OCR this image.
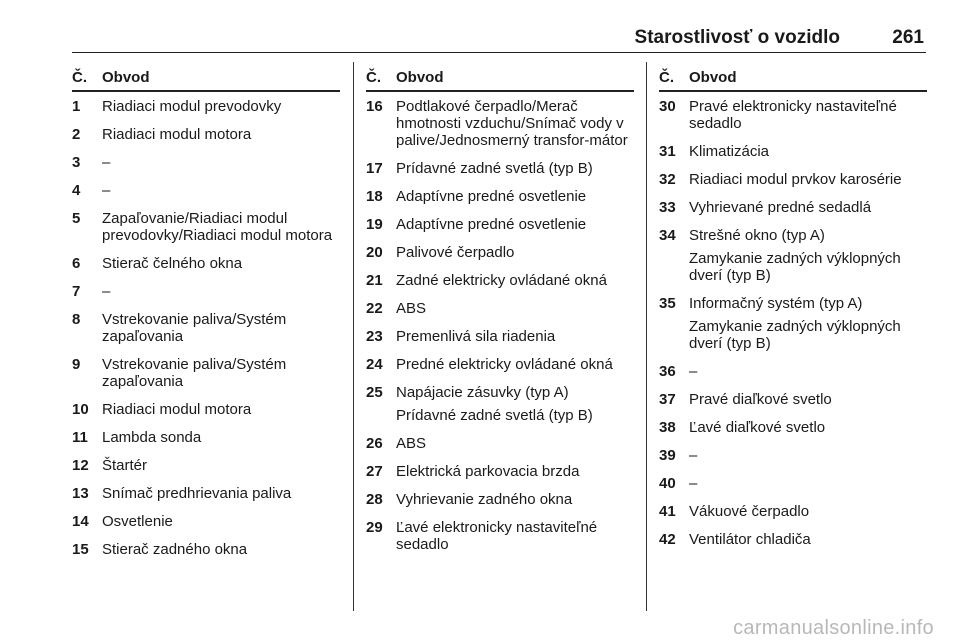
Starostlivosť o vozidlo	261
Č.	Obvod
1	Riadiaci modul prevodovky
2	Riadiaci modul motora
3	–
4	–
5	Zapaľovanie/Riadiaci modul prevodovky/Riadiaci modul motora
6	Stierač čelného okna
7	–
8	Vstrekovanie paliva/Systém zapaľovania
9	Vstrekovanie paliva/Systém zapaľovania
10 Riadiaci modul motora
11 Lambda sonda
12 Štartér
13 Snímač predhrievania paliva
14 Osvetlenie
15 Stierač zadného okna
Č.	Obvod
16 Podtlakové čerpadlo/Merač hmotnosti vzduchu/Snímač vody v palive/Jednosmerný transfor-mátor
17 Prídavné zadné svetlá (typ B)
18 Adaptívne predné osvetlenie
19 Adaptívne predné osvetlenie
20 Palivové čerpadlo
21 Zadné elektricky ovládané okná
22 ABS
23 Premenlivá sila riadenia
24 Predné elektricky ovládané okná
25 Napájacie zásuvky (typ A)
Prídavné zadné svetlá (typ B)
26 ABS
27 Elektrická parkovacia brzda
28 Vyhrievanie zadného okna
29 Ľavé elektronicky nastaviteľné sedadlo
Č.	Obvod
30 Pravé elektronicky nastaviteľné sedadlo
31 Klimatizácia
32 Riadiaci modul prvkov karosérie
33 Vyhrievané predné sedadlá
34 Strešné okno (typ A)
Zamykanie zadných výklopných dverí (typ B)
35 Informačný systém (typ A)
Zamykanie zadných výklopných dverí (typ B)
36 –
37 Pravé diaľkové svetlo
38 Ľavé diaľkové svetlo
39 –
40 –
41 Vákuové čerpadlo
42 Ventilátor chladiča
carmanualsonline.info
